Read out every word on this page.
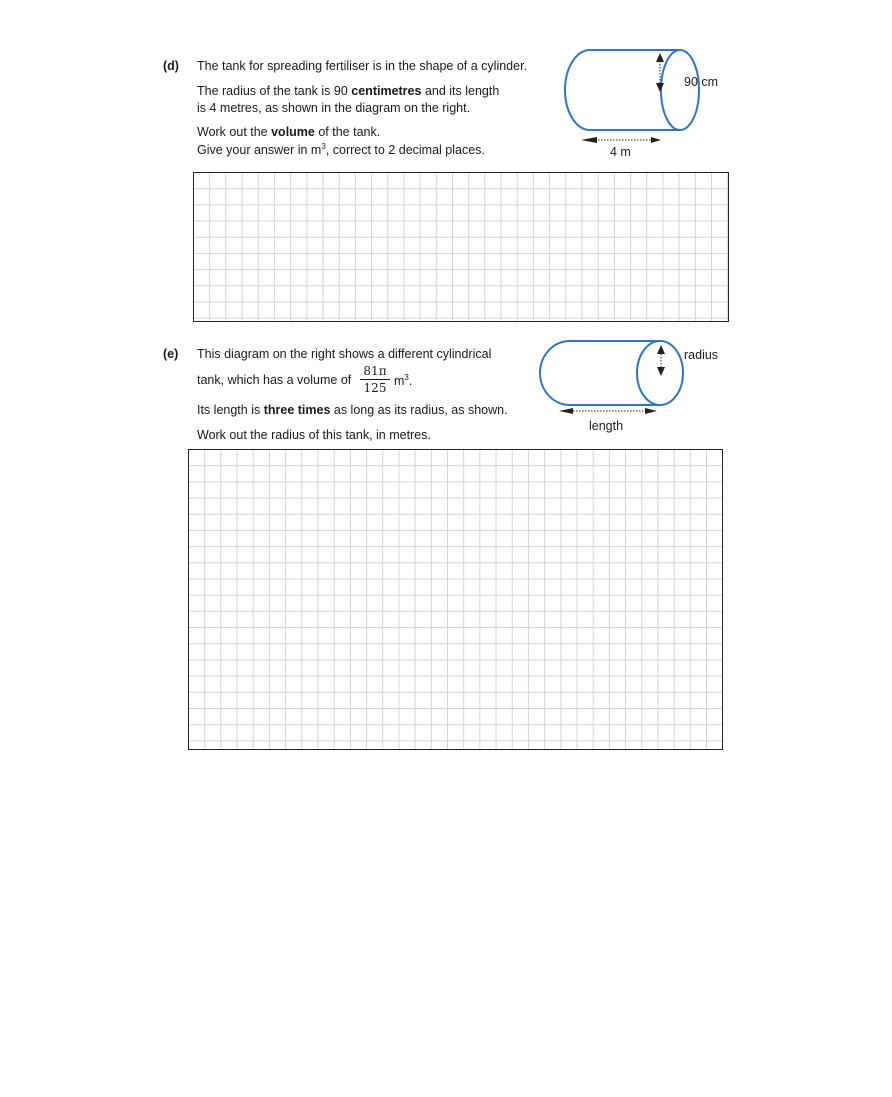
(d) The tank for spreading fertiliser is in the shape of a cylinder.
The radius of the tank is 90 centimetres and its length
is 4 metres, as shown in the diagram on the right.
Work out the volume of the tank.
Give your answer in $m^3$, correct to 2 decimal places.
90 cm
4 m
(e) This diagram on the right shows a different cylindrical
tank, which has a volume of
81π
125 $m^3$.
Its length is three times as long as its radius, as shown.
Work out the radius of this tank, in metres.
radius
length
